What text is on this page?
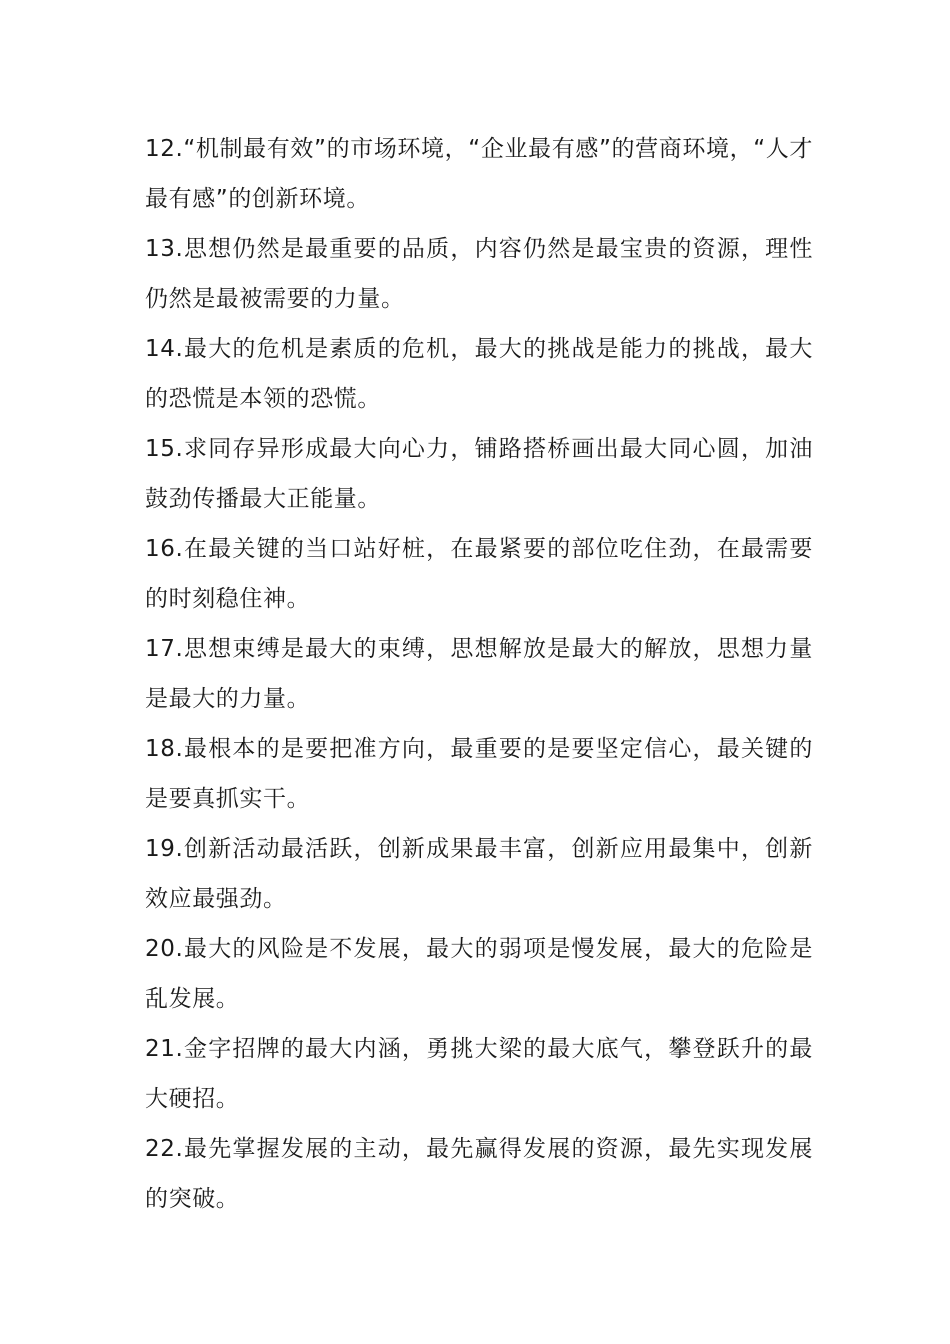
12.“机制最有效”的市场环境，“企业最有感”的营商环境，“人才最有感”的创新环境。

13.思想仍然是最重要的品质，内容仍然是最宝贵的资源，理性仍然是最被需要的力量。

14.最大的危机是素质的危机，最大的挑战是能力的挑战，最大的恐慌是本领的恐慌。

15.求同存异形成最大向心力，铺路搭桥画出最大同心圆，加油鼓劲传播最大正能量。

16.在最关键的当口站好桩，在最紧要的部位吃住劲，在最需要的时刻稳住神。

17.思想束缚是最大的束缚，思想解放是最大的解放，思想力量是最大的力量。

18.最根本的是要把准方向，最重要的是要坚定信心，最关键的是要真抓实干。

19.创新活动最活跃，创新成果最丰富，创新应用最集中，创新效应最强劲。

20.最大的风险是不发展，最大的弱项是慢发展，最大的危险是乱发展。

21.金字招牌的最大内涵，勇挑大梁的最大底气，攀登跃升的最大硬招。

22.最先掌握发展的主动，最先赢得发展的资源，最先实现发展的突破。
